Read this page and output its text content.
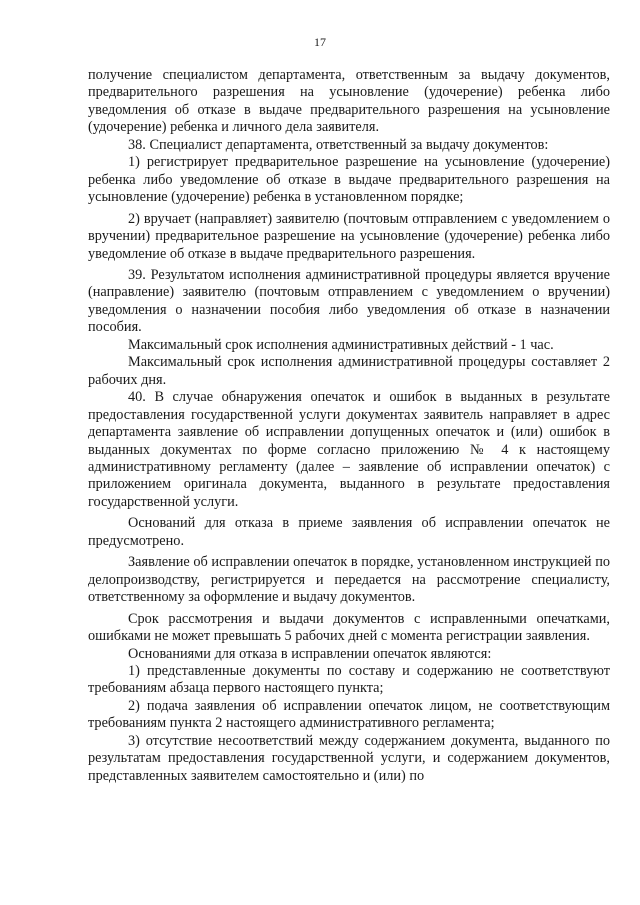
17

получение специалистом департамента, ответственным за выдачу документов, предварительного разрешения на усыновление (удочерение) ребенка либо уведомления об отказе в выдаче предварительного разрешения на усыновление (удочерение) ребенка и личного дела заявителя.

38. Специалист департамента, ответственный за выдачу документов:

1) регистрирует предварительное разрешение на усыновление (удочерение) ребенка либо уведомление об отказе в выдаче предварительного разрешения на усыновление (удочерение) ребенка в установленном порядке;

2) вручает (направляет) заявителю (почтовым отправлением с уведомлением о вручении) предварительное разрешение на усыновление (удочерение) ребенка либо уведомление об отказе в выдаче предварительного разрешения.

39. Результатом исполнения административной процедуры является вручение (направление) заявителю (почтовым отправлением с уведомлением о вручении) уведомления о назначении пособия либо уведомления об отказе в назначении пособия.

Максимальный срок исполнения административных действий - 1 час.

Максимальный срок исполнения административной процедуры составляет 2 рабочих дня.

40. В случае обнаружения опечаток и ошибок в выданных в результате предоставления государственной услуги документах заявитель направляет в адрес департамента заявление об исправлении допущенных опечаток и (или) ошибок в выданных документах по форме согласно приложению № 4 к настоящему административному регламенту (далее – заявление об исправлении опечаток) с приложением оригинала документа, выданного в результате предоставления государственной услуги.

Оснований для отказа в приеме заявления об исправлении опечаток не предусмотрено.

Заявление об исправлении опечаток в порядке, установленном инструкцией по делопроизводству, регистрируется и передается на рассмотрение специалисту, ответственному за оформление и выдачу документов.

Срок рассмотрения и выдачи документов с исправленными опечатками, ошибками не может превышать 5 рабочих дней с момента регистрации заявления.

Основаниями для отказа в исправлении опечаток являются:

1) представленные документы по составу и содержанию не соответствуют требованиям абзаца первого настоящего пункта;

2) подача заявления об исправлении опечаток лицом, не соответствующим требованиям пункта 2 настоящего административного регламента;

3) отсутствие несоответствий между содержанием документа, выданного по результатам предоставления государственной услуги, и содержанием документов, представленных заявителем самостоятельно и (или) по
